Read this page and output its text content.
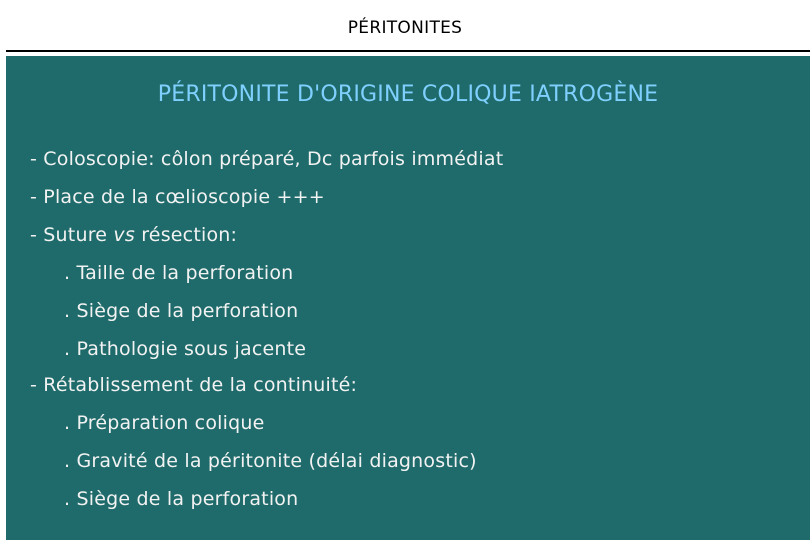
PÉRITONITES
PÉRITONITE D'ORIGINE COLIQUE IATROGÈNE
- Coloscopie: côlon préparé, Dc parfois immédiat
- Place de la cœlioscopie +++
- Suture vs résection:
. Taille de la perforation
. Siège de la perforation
. Pathologie sous jacente
- Rétablissement de la continuité:
. Préparation colique
. Gravité de la péritonite (délai diagnostic)
. Siège de la perforation
